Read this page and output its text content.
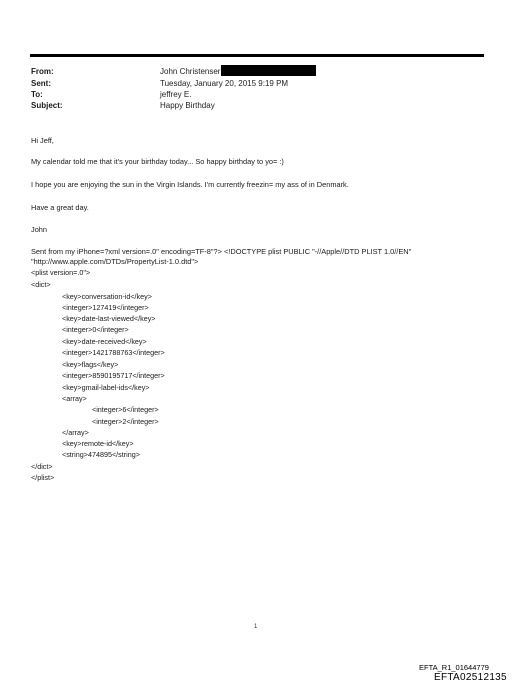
From:	John Christenser
Sent:	Tuesday, January 20, 2015 9:19 PM
To:	jeffrey E.
Subject:	Happy Birthday
Hi Jeff,
My calendar told me that it's your birthday today... So happy birthday to yo= :)
I hope you are enjoying the sun in the Virgin Islands. I'm currently freezin= my ass of in Denmark.
Have a great day.
John
Sent from my iPhone=?xml version=.0" encoding=TF-8"?> <!DOCTYPE plist PUBLIC "-//Apple//DTD PLIST 1.0//EN"
"http://www.apple.com/DTDs/PropertyList-1.0.dtd">
<plist version=.0">
<dict>
<key>conversation-id</key>
<integer>127419</integer>
<key>date-last-viewed</key>
<integer>0</integer>
<key>date-received</key>
<integer>1421788763</integer>
<key>flags</key>
<integer>8590195717</integer>
<key>gmail-label-ids</key>
<array>
<integer>6</integer>
<integer>2</integer>
</array>
<key>remote-id</key>
<string>474895</string>
</dict>
</plist>
1
EFTA_R1_01644779
EFTA02512135
